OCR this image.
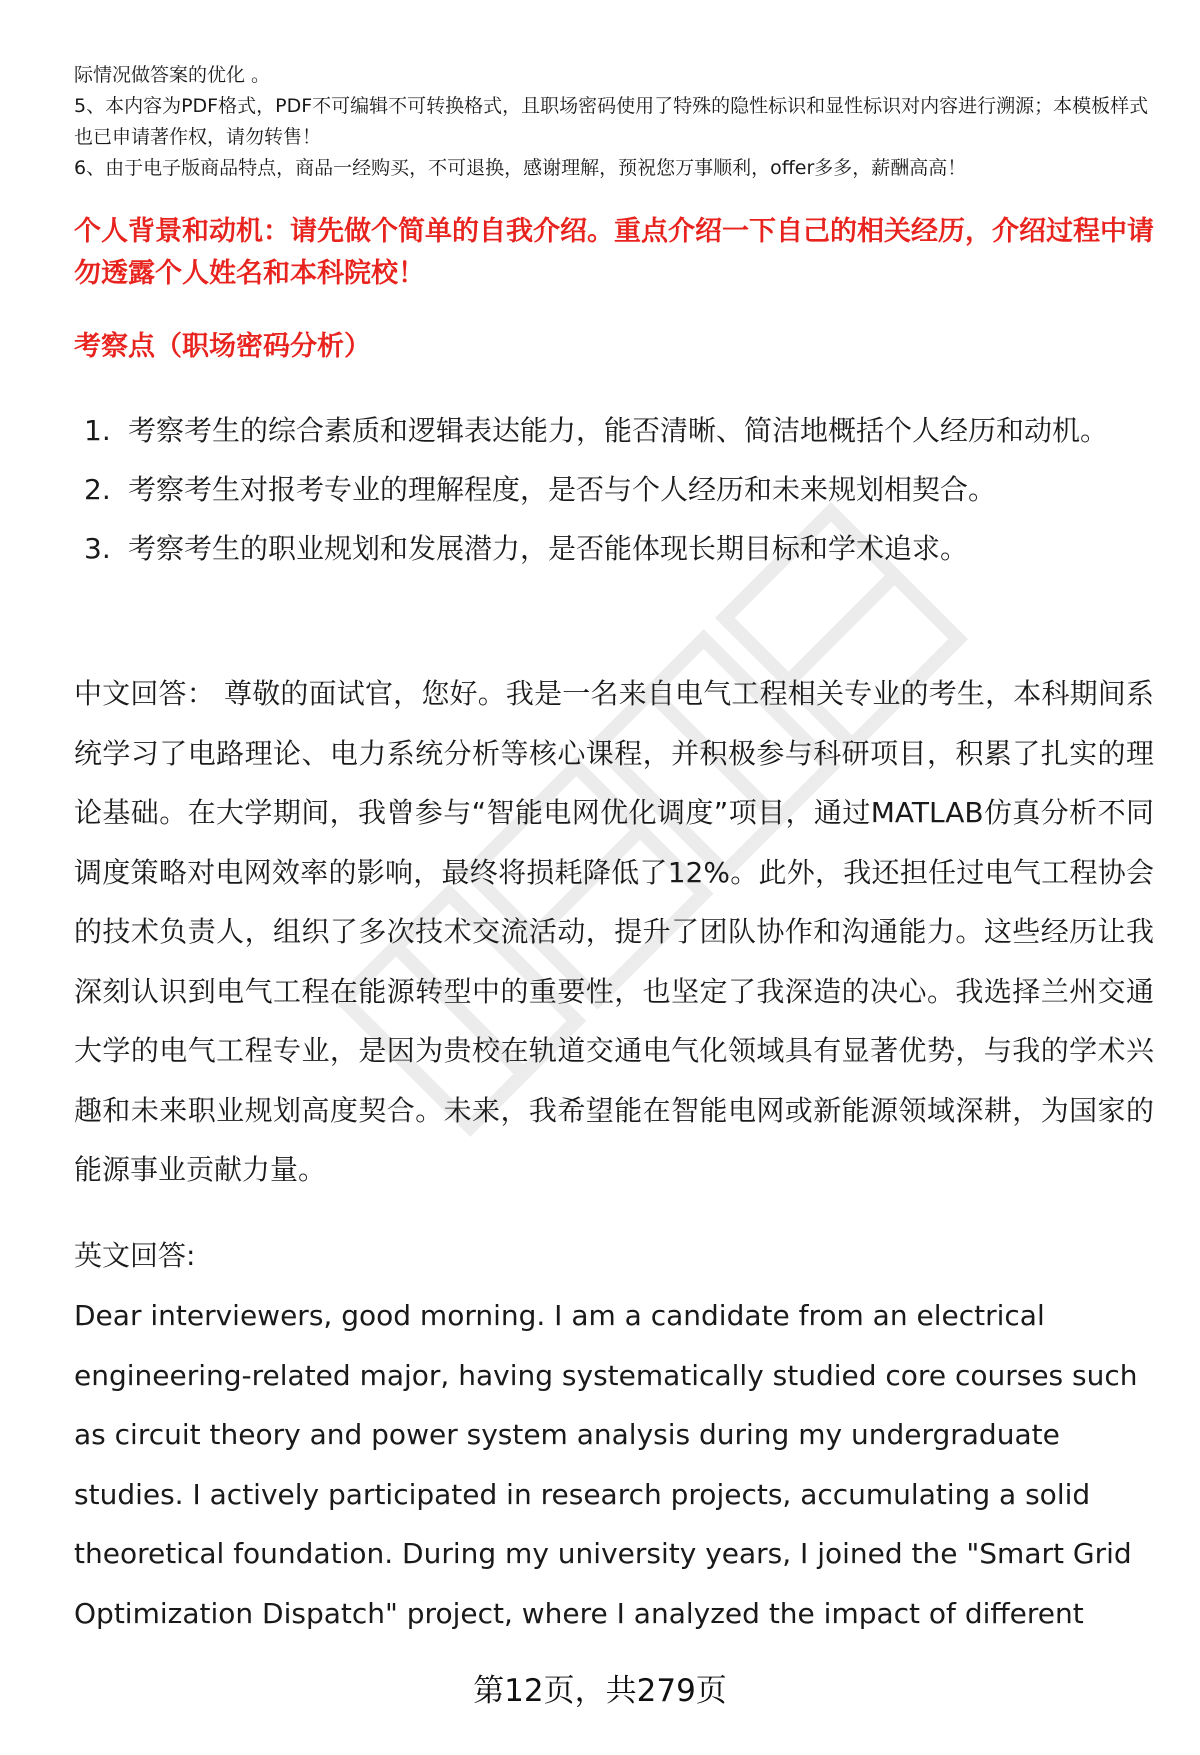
际情况做答案的优化 。

5、本内容为PDF格式，PDF不可编辑不可转换格式，且职场密码使用了特殊的隐性标识和显性标识对内容进行溯源；本模板样式也已申请著作权，请勿转售！

6、由于电子版商品特点，商品一经购买，不可退换，感谢理解，预祝您万事顺利，offer多多，薪酬高高！

个人背景和动机：请先做个简单的自我介绍。重点介绍一下自己的相关经历，介绍过程中请勿透露个人姓名和本科院校！
考察点（职场密码分析）
1. 考察考生的综合素质和逻辑表达能力，能否清晰、简洁地概括个人经历和动机。
2. 考察考生对报考专业的理解程度，是否与个人经历和未来规划相契合。
3. 考察考生的职业规划和发展潜力，是否能体现长期目标和学术追求。

中文回答： 尊敬的面试官，您好。我是一名来自电气工程相关专业的考生，本科期间系统学习了电路理论、电力系统分析等核心课程，并积极参与科研项目，积累了扎实的理论基础。在大学期间，我曾参与“智能电网优化调度”项目，通过MATLAB仿真分析不同调度策略对电网效率的影响，最终将损耗降低了12%。此外，我还担任过电气工程协会的技术负责人，组织了多次技术交流活动，提升了团队协作和沟通能力。这些经历让我深刻认识到电气工程在能源转型中的重要性，也坚定了我深造的决心。我选择兰州交通大学的电气工程专业，是因为贵校在轨道交通电气化领域具有显著优势，与我的学术兴趣和未来职业规划高度契合。未来，我希望能在智能电网或新能源领域深耕，为国家的能源事业贡献力量。

英文回答:

Dear interviewers, good morning. I am a candidate from an electrical engineering-related major, having systematically studied core courses such as circuit theory and power system analysis during my undergraduate studies. I actively participated in research projects, accumulating a solid theoretical foundation. During my university years, I joined the "Smart Grid Optimization Dispatch" project, where I analyzed the impact of different

第12页，共279页
